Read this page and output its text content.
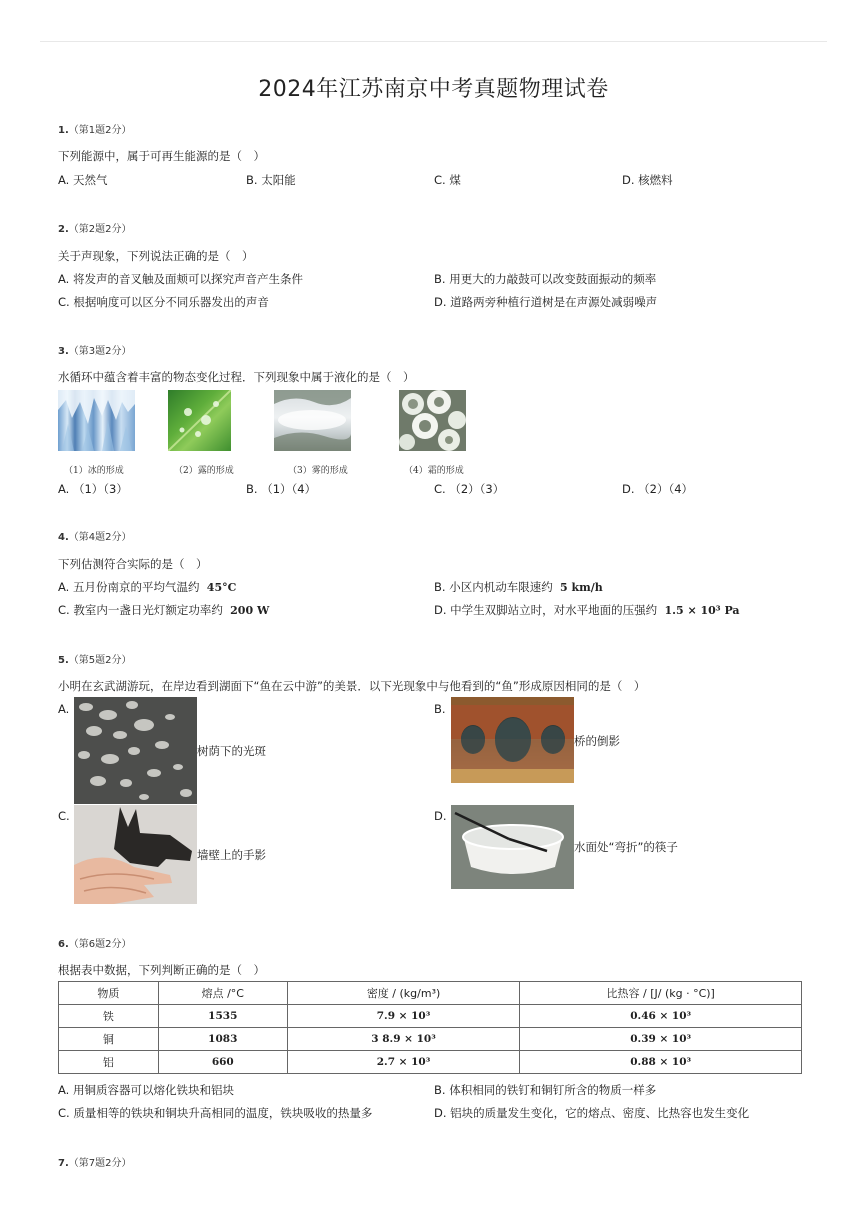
2024年江苏南京中考真题物理试卷
1.（第1题2分）
下列能源中，属于可再生能源的是（　）
A. 天然气	B. 太阳能	C. 煤	D. 核燃料
2.（第2题2分）
关于声现象，下列说法正确的是（　）
A. 将发声的音叉触及面颊可以探究声音产生条件	B. 用更大的力敲鼓可以改变鼓面振动的频率
C. 根据响度可以区分不同乐器发出的声音	D. 道路两旁种植行道树是在声源处减弱噪声
3.（第3题2分）
水循环中蕴含着丰富的物态变化过程．下列现象中属于液化的是（　）
（1）冰的形成	（2）露的形成	（3）雾的形成	（4）霜的形成
A. （1）（3）	B. （1）（4）	C. （2）（3）	D. （2）（4）
4.（第4题2分）
下列估测符合实际的是（　）
A. 五月份南京的平均气温约 45°C	B. 小区内机动车限速约 5 km/h
C. 教室内一盏日光灯额定功率约 200 W	D. 中学生双脚站立时，对水平地面的压强约 1.5 × 10³ Pa
5.（第5题2分）
小明在玄武湖游玩，在岸边看到湖面下“鱼在云中游”的美景．以下光现象中与他看到的“鱼”形成原因相同的是（　）
A.
树荫下的光斑
B.
桥的倒影
C.
墙壁上的手影
D.
水面处“弯折”的筷子
6.（第6题2分）
根据表中数据，下列判断正确的是（　）
物质	熔点 /°C	密度 / (kg/m³)	比热容 / [J/ (kg · °C)]
铁	1535	7.9 × 10³	0.46 × 10³
铜	1083	3 8.9 × 10³	0.39 × 10³
铝	660	2.7 × 10³	0.88 × 10³
A. 用铜质容器可以熔化铁块和铝块	B. 体积相同的铁钉和铜钉所含的物质一样多
C. 质量相等的铁块和铜块升高相同的温度，铁块吸收的热量多	D. 铝块的质量发生变化，它的熔点、密度、比热容也发生变化
7.（第7题2分）
